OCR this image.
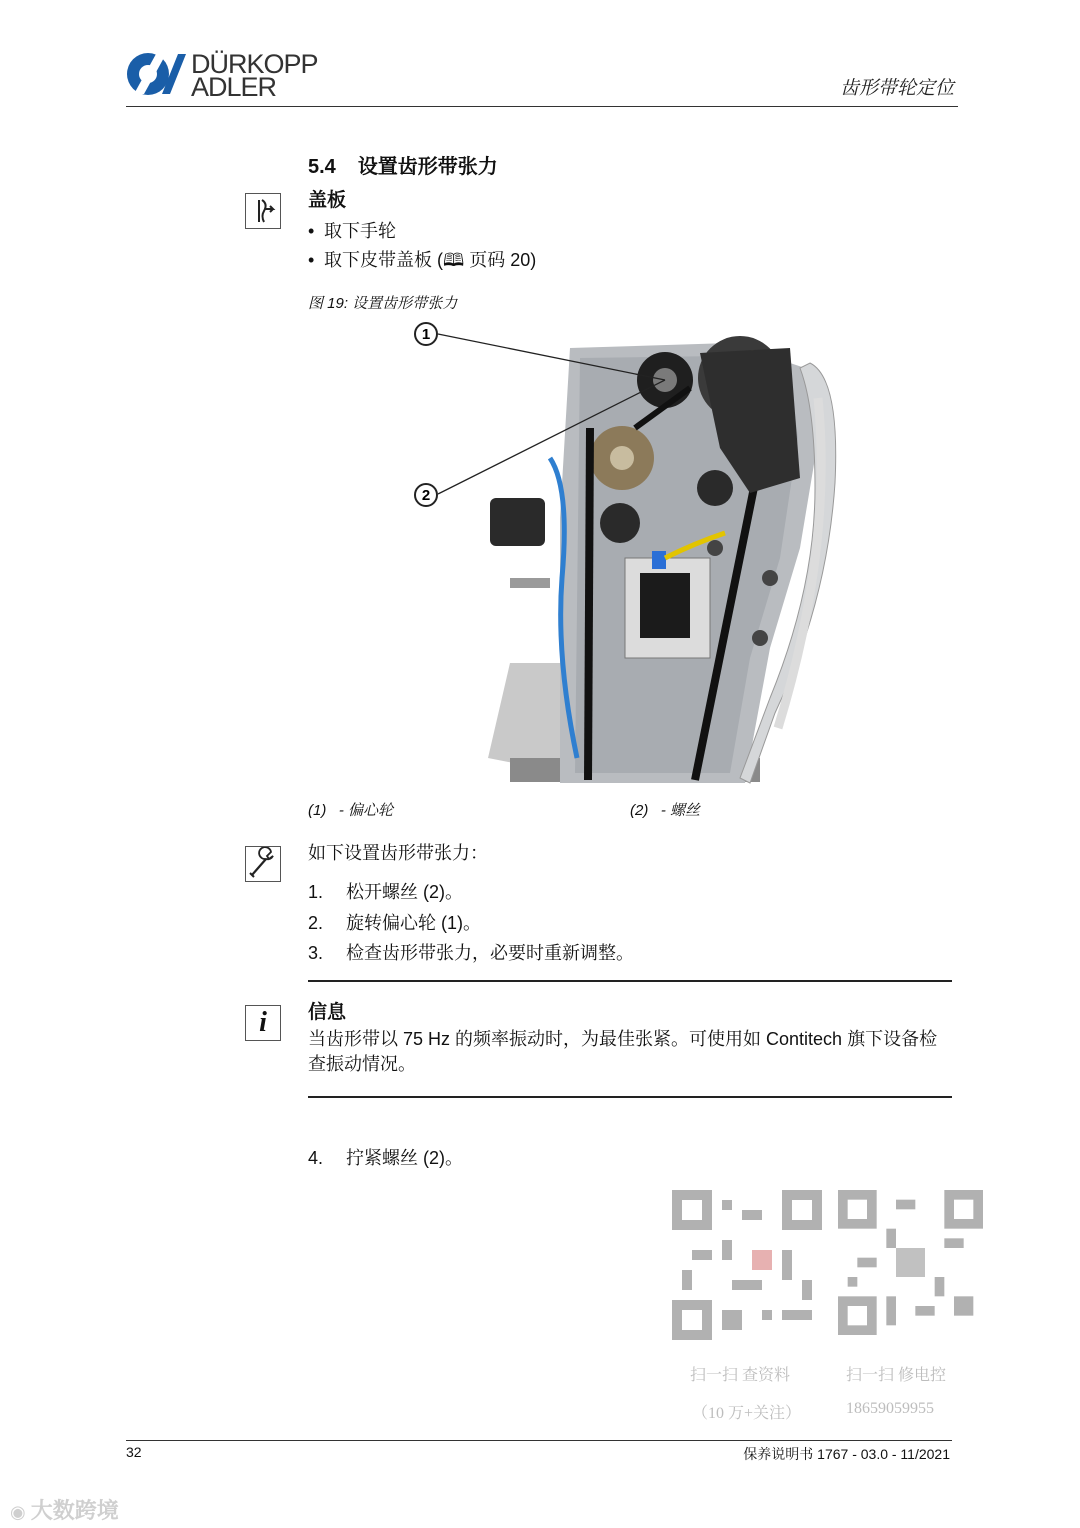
DÜRKOPP
ADLER	齿形带轮定位
5.4 设置齿形带张力
盖板
• 取下手轮
• 取下皮带盖板 (🕮 页码 20)
图 19: 设置齿形带张力
1
2
(1) - 偏心轮	(2) - 螺丝
如下设置齿形带张力：
1. 松开螺丝 (2)。
2. 旋转偏心轮 (1)。
3. 检查齿形带张力，必要时重新调整。
i	信息
当齿形带以 75 Hz 的频率振动时，为最佳张紧。可使用如 Contitech 旗下设备检查振动情况。
4. 拧紧螺丝 (2)。
扫一扫 查资料
（10 万+关注）
扫一扫 修电控
18659059955
32	保养说明书 1767 - 03.0 - 11/2021
◉ 大数跨境
